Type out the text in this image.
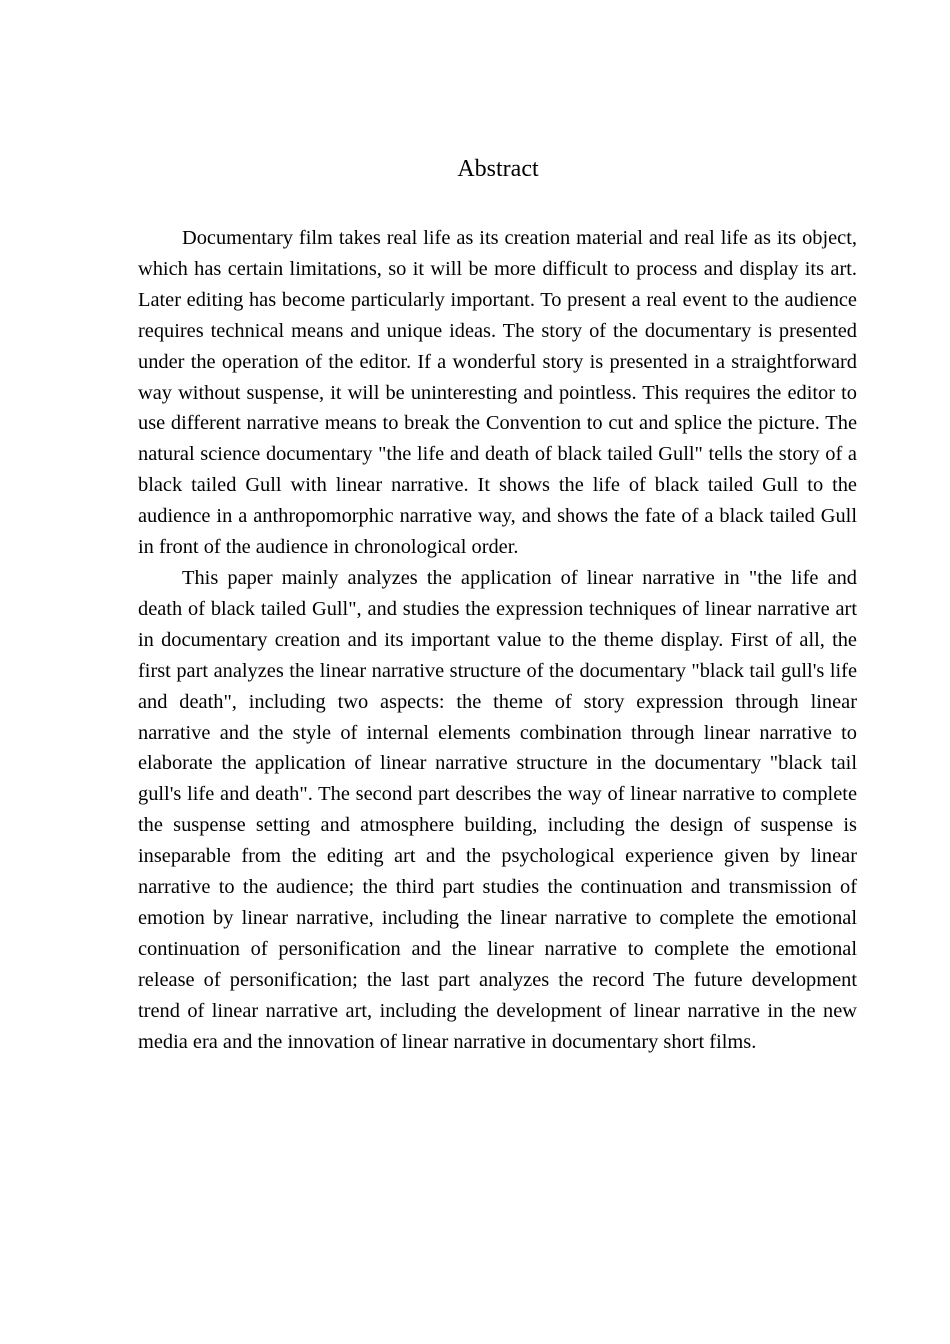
Abstract

Documentary film takes real life as its creation material and real life as its object, which has certain limitations, so it will be more difficult to process and display its art. Later editing has become particularly important. To present a real event to the audience requires technical means and unique ideas. The story of the documentary is presented under the operation of the editor. If a wonderful story is presented in a straightforward way without suspense, it will be uninteresting and pointless. This requires the editor to use different narrative means to break the Convention to cut and splice the picture. The natural science documentary "the life and death of black tailed Gull" tells the story of a black tailed Gull with linear narrative. It shows the life of black tailed Gull to the audience in a anthropomorphic narrative way, and shows the fate of a black tailed Gull in front of the audience in chronological order.

This paper mainly analyzes the application of linear narrative in "the life and death of black tailed Gull", and studies the expression techniques of linear narrative art in documentary creation and its important value to the theme display. First of all, the first part analyzes the linear narrative structure of the documentary "black tail gull's life and death", including two aspects: the theme of story expression through linear narrative and the style of internal elements combination through linear narrative to elaborate the application of linear narrative structure in the documentary "black tail gull's life and death". The second part describes the way of linear narrative to complete the suspense setting and atmosphere building, including the design of suspense is inseparable from the editing art and the psychological experience given by linear narrative to the audience; the third part studies the continuation and transmission of emotion by linear narrative, including the linear narrative to complete the emotional continuation of personification and the linear narrative to complete the emotional release of personification; the last part analyzes the record The future development trend of linear narrative art, including the development of linear narrative in the new media era and the innovation of linear narrative in documentary short films.
